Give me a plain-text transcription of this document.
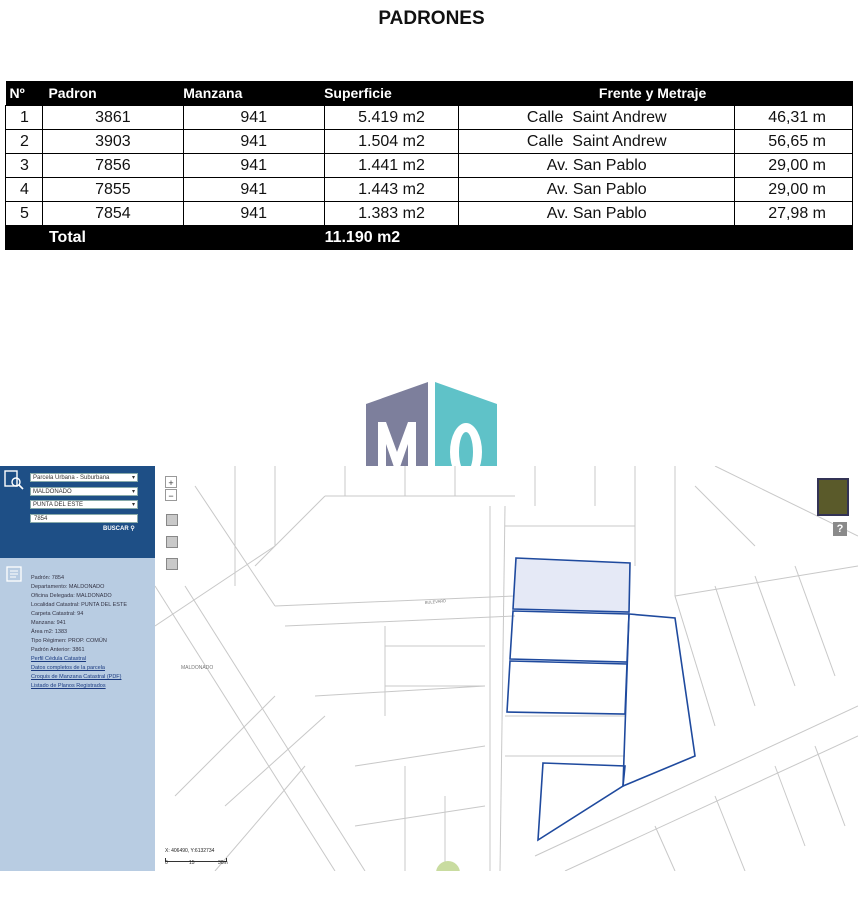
PADRONES
Nº	Padron	Manzana	Superficie	Frente y Metraje	
1	3861	941	5.419 m2	Calle  Saint Andrew	46,31 m
2	3903	941	1.504 m2	Calle  Saint Andrew	56,65 m
3	7856	941	1.441 m2	Av. San Pablo	29,00 m
4	7855	941	1.443 m2	Av. San Pablo	29,00 m
5	7854	941	1.383 m2	Av. San Pablo	27,98 m
	Total		11.190 m2		
Parcela Urbana - Suburbana ▾
MALDONADO ▾
PUNTA DEL ESTE ▾
7854
BUSCAR ⚲
Padrón: 7854
Departamento: MALDONADO
Oficina Delegada: MALDONADO
Localidad Catastral: PUNTA DEL ESTE
Carpeta Catastral: 94
Manzana: 941
Área m2: 1383
Tipo Régimen: PROP. COMÚN
Padrón Anterior: 3861
Perfil Cédula Catastral
Datos completos de la parcela
Croquis de Manzana Catastral (PDF)
Listado de Planos Registrados
MALDONADO
BULEVARD
+
−
?
X: 406490, Y:6132734
0	15	30m
